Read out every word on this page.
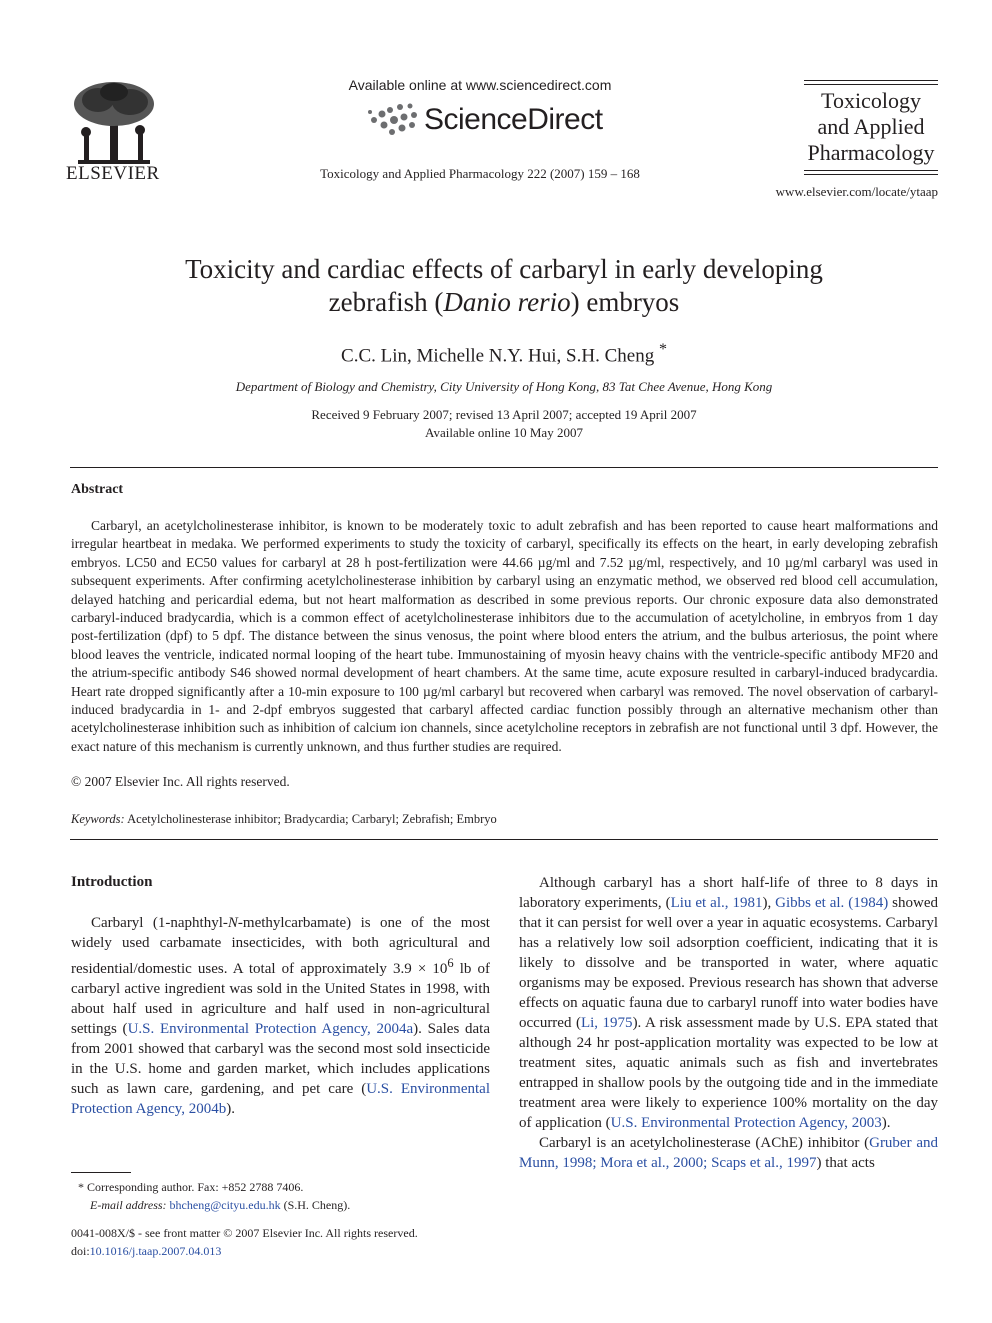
ELSEVIER
Available online at www.sciencedirect.com
ScienceDirect
Toxicology and Applied Pharmacology 222 (2007) 159 – 168
Toxicology
and Applied
Pharmacology
www.elsevier.com/locate/ytaap
Toxicity and cardiac effects of carbaryl in early developing
zebrafish (Danio rerio) embryos
C.C. Lin, Michelle N.Y. Hui, S.H. Cheng *
Department of Biology and Chemistry, City University of Hong Kong, 83 Tat Chee Avenue, Hong Kong
Received 9 February 2007; revised 13 April 2007; accepted 19 April 2007
Available online 10 May 2007
Abstract

Carbaryl, an acetylcholinesterase inhibitor, is known to be moderately toxic to adult zebrafish and has been reported to cause heart malformations and irregular heartbeat in medaka. We performed experiments to study the toxicity of carbaryl, specifically its effects on the heart, in early developing zebrafish embryos. LC50 and EC50 values for carbaryl at 28 h post-fertilization were 44.66 µg/ml and 7.52 µg/ml, respectively, and 10 µg/ml carbaryl was used in subsequent experiments. After confirming acetylcholinesterase inhibition by carbaryl using an enzymatic method, we observed red blood cell accumulation, delayed hatching and pericardial edema, but not heart malformation as described in some previous reports. Our chronic exposure data also demonstrated carbaryl-induced bradycardia, which is a common effect of acetylcholinesterase inhibitors due to the accumulation of acetylcholine, in embryos from 1 day post-fertilization (dpf) to 5 dpf. The distance between the sinus venosus, the point where blood enters the atrium, and the bulbus arteriosus, the point where blood leaves the ventricle, indicated normal looping of the heart tube. Immunostaining of myosin heavy chains with the ventricle-specific antibody MF20 and the atrium-specific antibody S46 showed normal development of heart chambers. At the same time, acute exposure resulted in carbaryl-induced bradycardia. Heart rate dropped significantly after a 10-min exposure to 100 µg/ml carbaryl but recovered when carbaryl was removed. The novel observation of carbaryl-induced bradycardia in 1- and 2-dpf embryos suggested that carbaryl affected cardiac function possibly through an alternative mechanism other than acetylcholinesterase inhibition such as inhibition of calcium ion channels, since acetylcholine receptors in zebrafish are not functional until 3 dpf. However, the exact nature of this mechanism is currently unknown, and thus further studies are required.

© 2007 Elsevier Inc. All rights reserved.
Keywords: Acetylcholinesterase inhibitor; Bradycardia; Carbaryl; Zebrafish; Embryo
Introduction

Carbaryl (1-naphthyl-N-methylcarbamate) is one of the most widely used carbamate insecticides, with both agricultural and residential/domestic uses. A total of approximately $3.9 \times 10^6$ lb of carbaryl active ingredient was sold in the United States in 1998, with about half used in agriculture and half used in non-agricultural settings (U.S. Environmental Protection Agency, 2004a). Sales data from 2001 showed that carbaryl was the second most sold insecticide in the U.S. home and garden market, which includes applications such as lawn care, gardening, and pet care (U.S. Environmental Protection Agency, 2004b).

Although carbaryl has a short half-life of three to 8 days in laboratory experiments, (Liu et al., 1981), Gibbs et al. (1984) showed that it can persist for well over a year in aquatic ecosystems. Carbaryl has a relatively low soil adsorption coefficient, indicating that it is likely to dissolve and be transported in water, where aquatic organisms may be exposed. Previous research has shown that adverse effects on aquatic fauna due to carbaryl runoff into water bodies have occurred (Li, 1975). A risk assessment made by U.S. EPA stated that although 24 hr post-application mortality was expected to be low at treatment sites, aquatic animals such as fish and invertebrates entrapped in shallow pools by the outgoing tide and in the immediate treatment area were likely to experience 100% mortality on the day of application (U.S. Environmental Protection Agency, 2003).

Carbaryl is an acetylcholinesterase (AChE) inhibitor (Gruber and Munn, 1998; Mora et al., 2000; Scaps et al., 1997) that acts

* Corresponding author. Fax: +852 2788 7406.
E-mail address: bhcheng@cityu.edu.hk (S.H. Cheng).
0041-008X/$ - see front matter © 2007 Elsevier Inc. All rights reserved.
doi:10.1016/j.taap.2007.04.013
